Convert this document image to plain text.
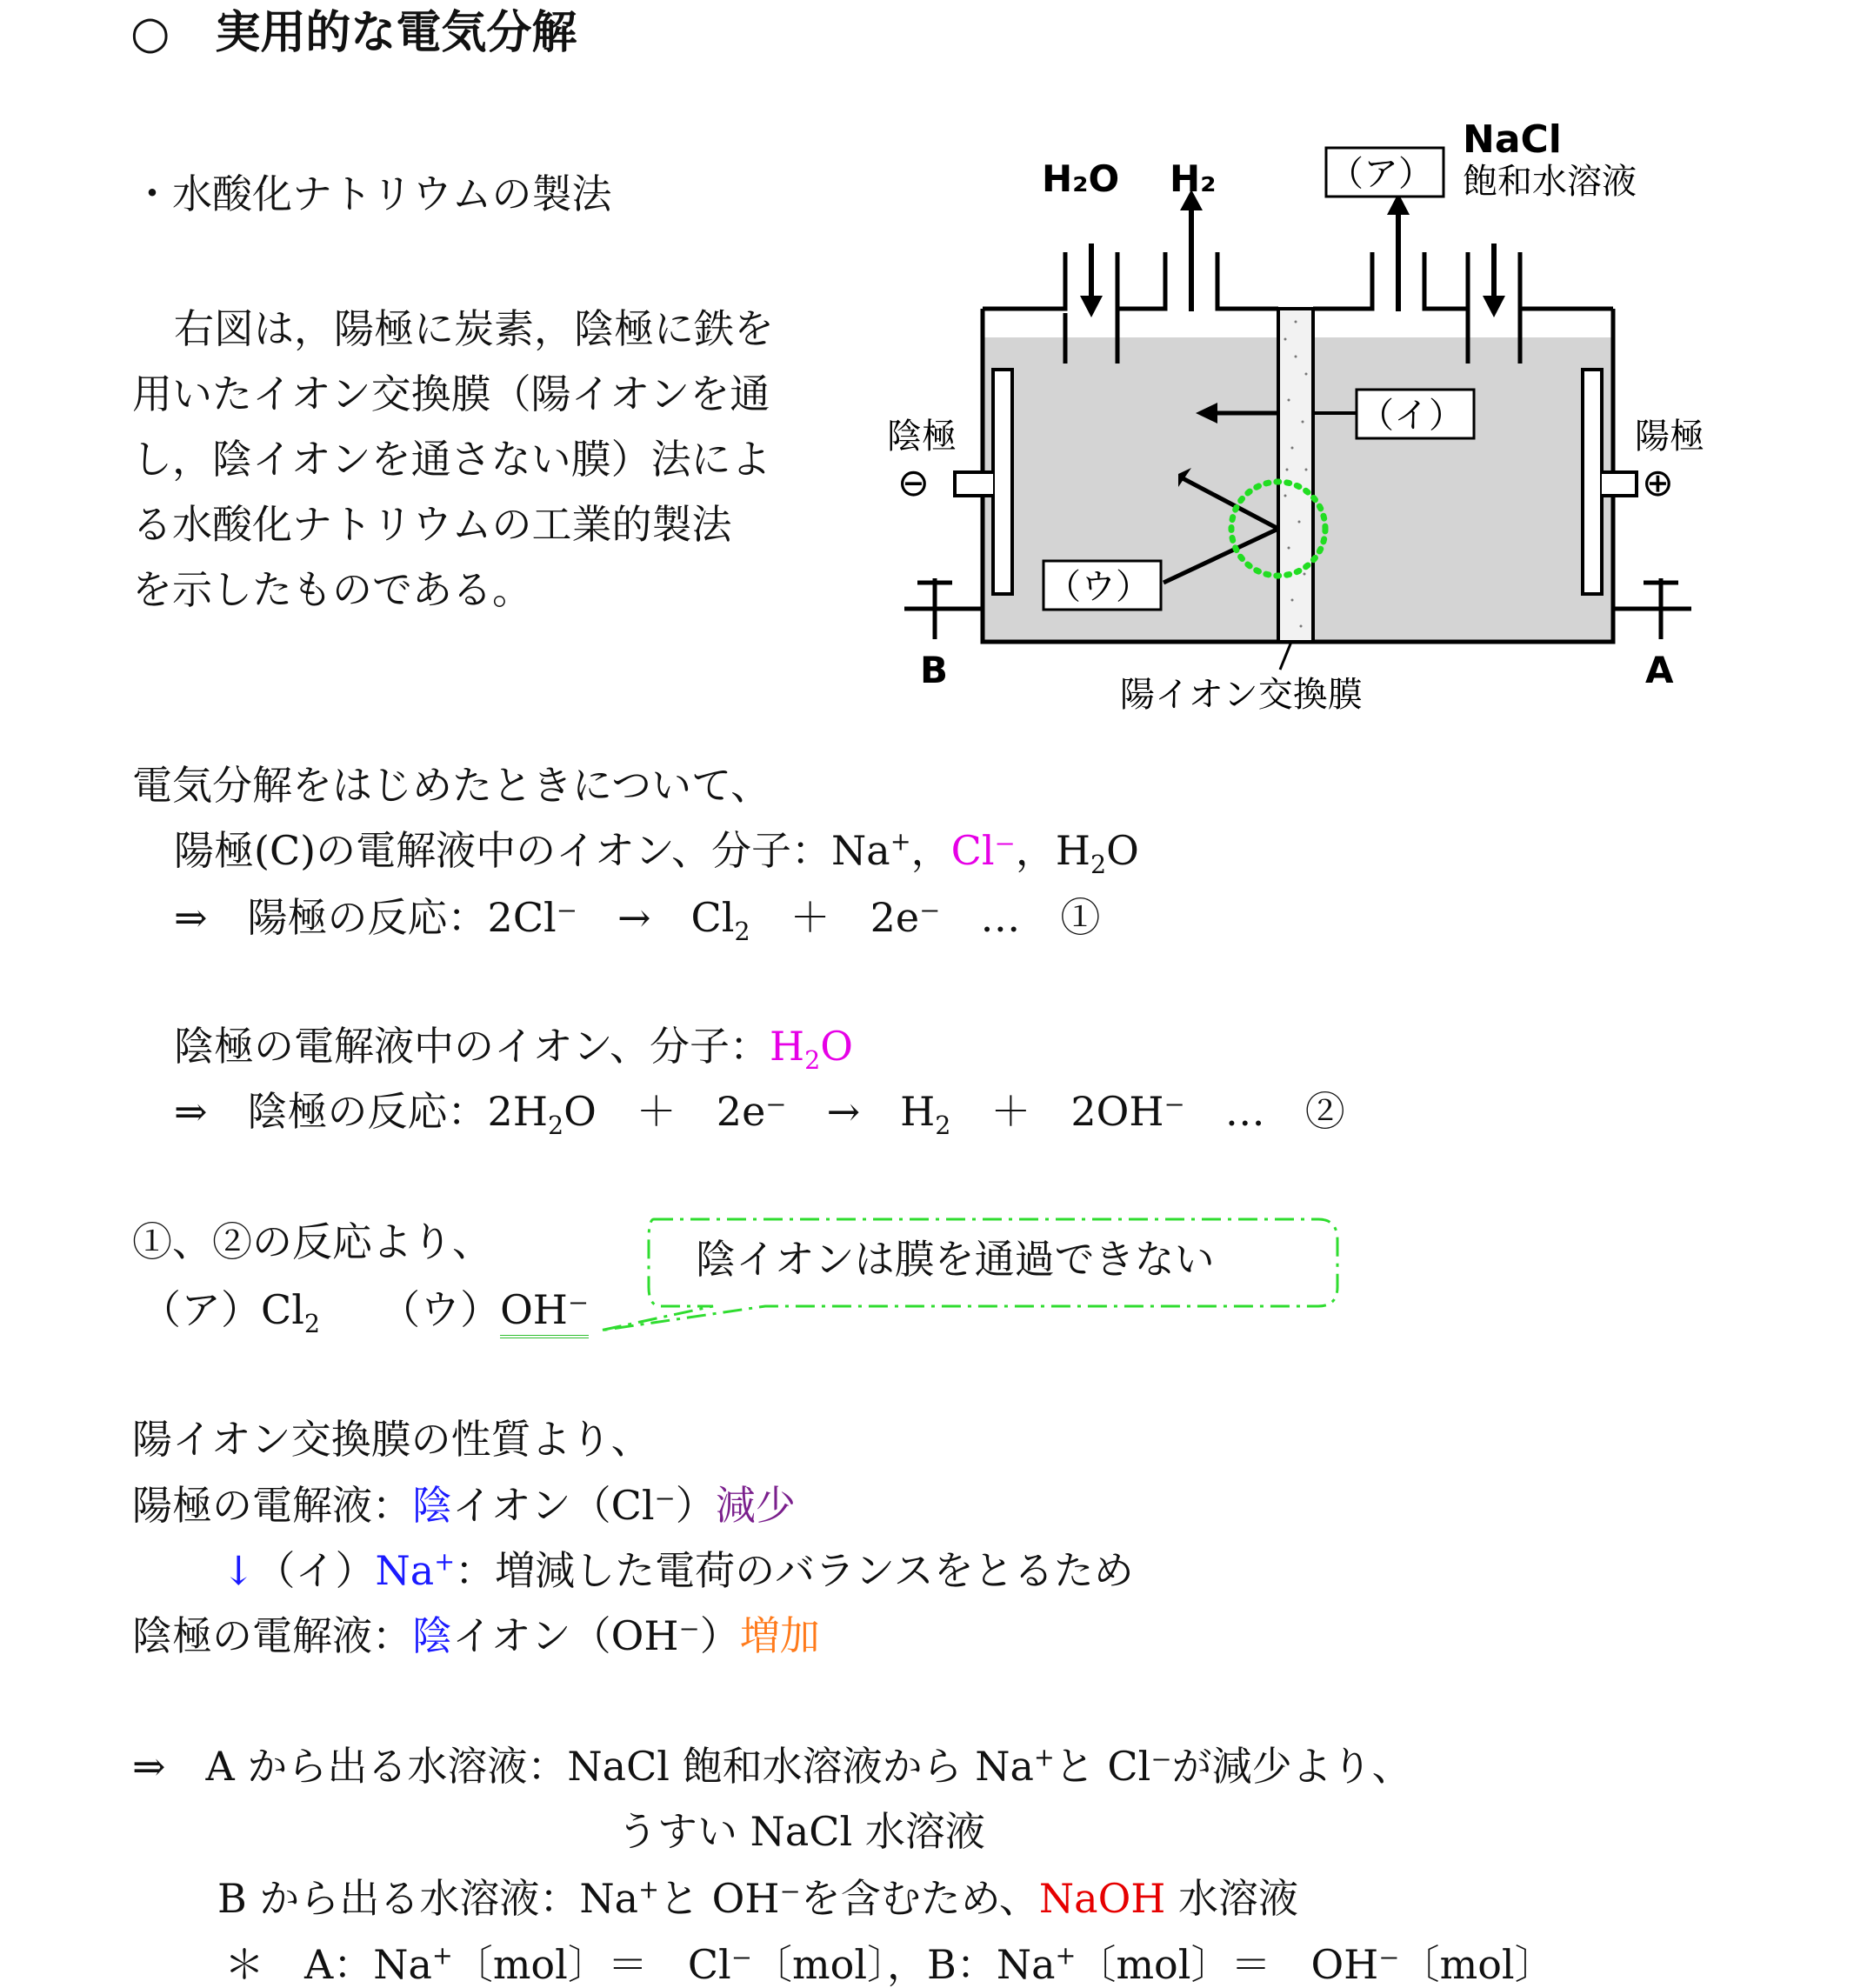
○　実用的な電気分解
・水酸化ナトリウムの製法
右図は，陽極に炭素，陰極に鉄を
用いたイオン交換膜（陽イオンを通
し，陰イオンを通さない膜）法によ
る水酸化ナトリウムの工業的製法
を示したものである。
H₂O H₂	（ア）
NaCl
飽和水溶液
（イ）
（ウ）
陰極
⊖
陽極
⊕
B	A
陽イオン交換膜
電気分解をはじめたときについて、
陽極(C)の電解液中のイオン、分子：Na+，Cl⁻，$H_2O$
⇒　 陽極の反応：2Cl⁻　→　$Cl_2$　＋　2e⁻　…　①
陰極の電解液中のイオン、分子：$H_2O$
⇒　 陰極の反応：$2H_2O$　＋　2e⁻　→　$H_2$　＋　2OH⁻　…　②
①、②の反応より、
（ア）$Cl_2$　　 （ウ）OH⁻
陰イオンは膜を通過できない
陽イオン交換膜の性質より、
陽極の電解液：陰イオン（Cl⁻）減少
↓（イ）Na+：増減した電荷のバランスをとるため
陰極の電解液：陰イオン（OH⁻）増加
⇒　 A から出る水溶液：NaCl 飽和水溶液から Na+と Cl⁻が減少より、
うすい NaCl 水溶液
B から出る水溶液：Na+と OH⁻を含むため、NaOH 水溶液
＊　 A：Na+〔mol〕＝　Cl⁻〔mol〕，B：Na+〔mol〕＝　OH⁻〔mol〕
